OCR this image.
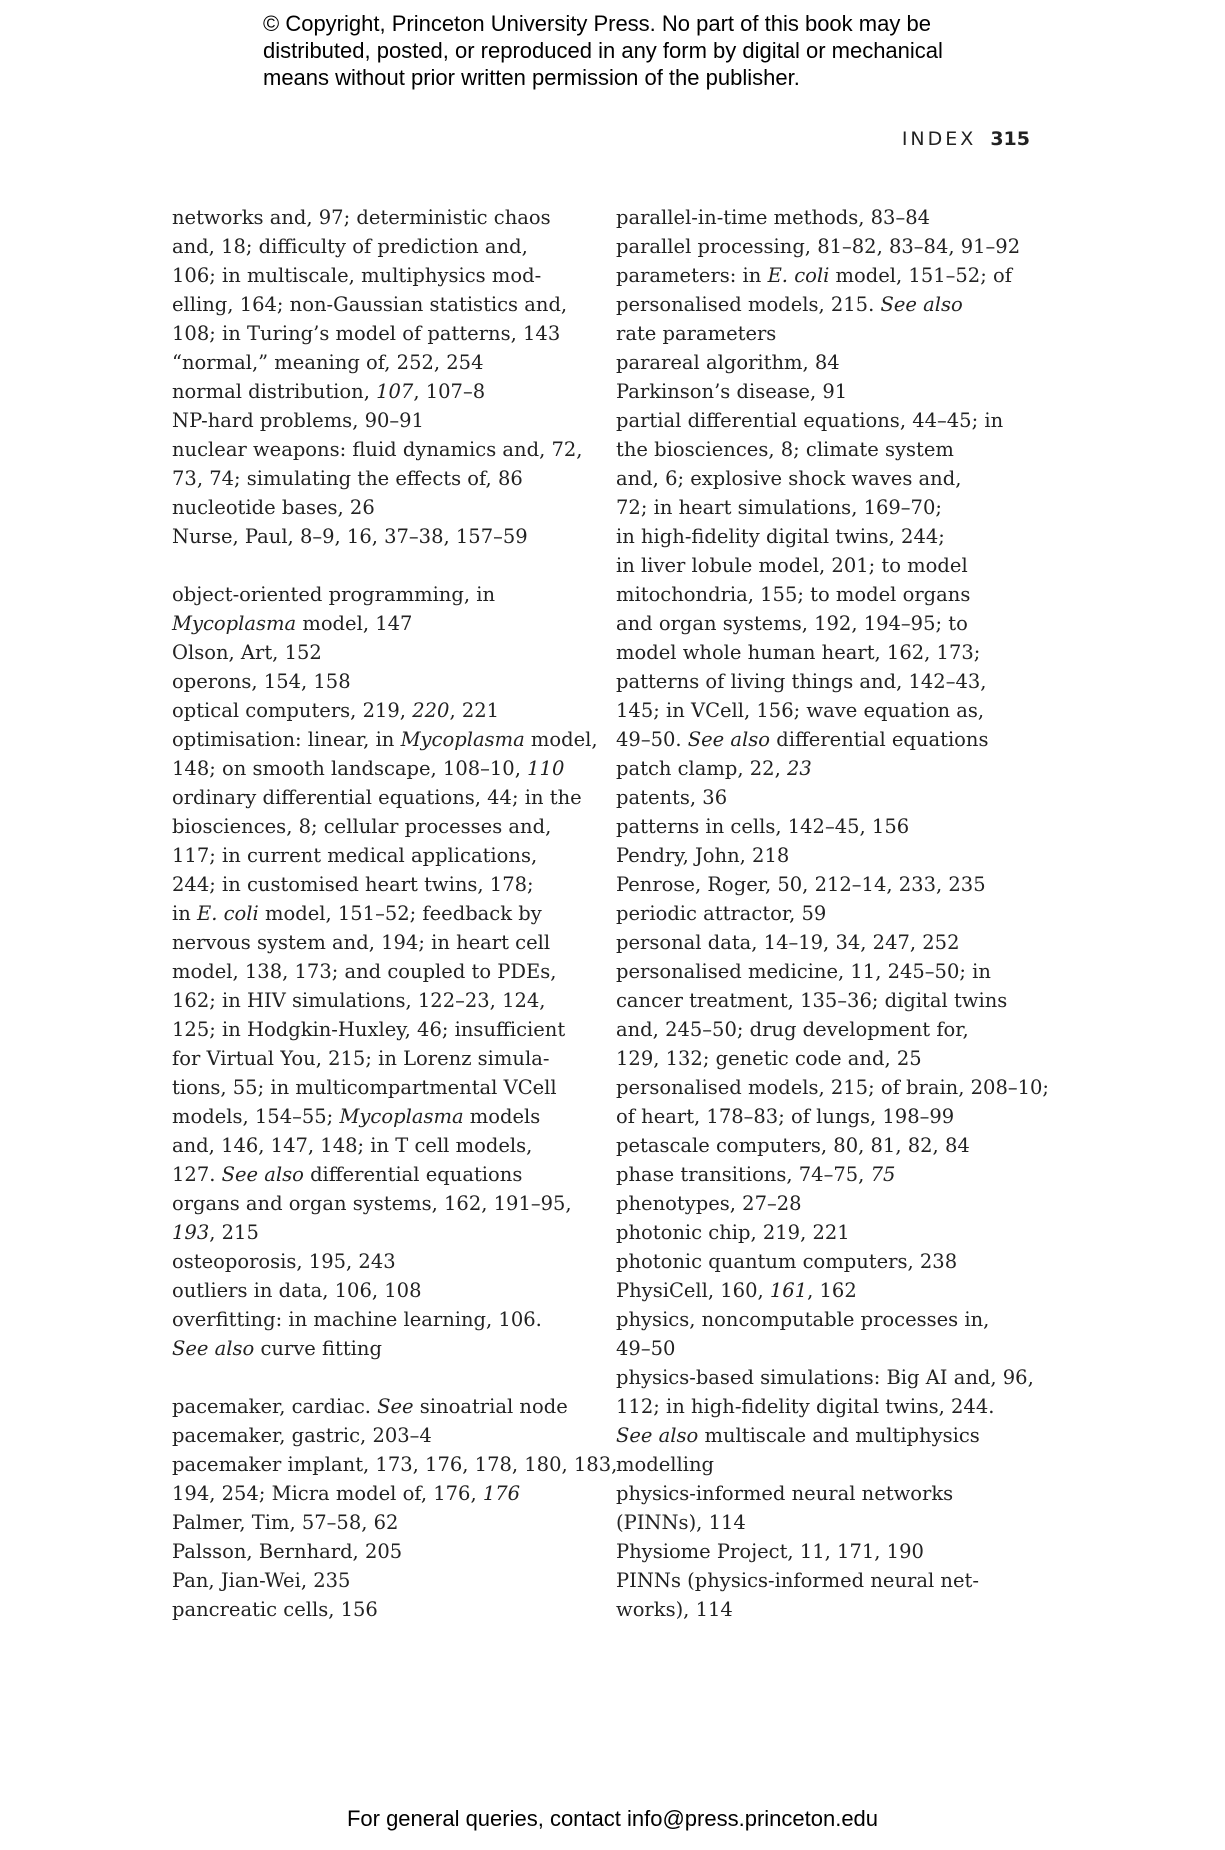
© Copyright, Princeton University Press. No part of this book may be
distributed, posted, or reproduced in any form by digital or mechanical
means without prior written permission of the publisher.
INDEX 315
networks and, 97; deterministic chaos
and, 18; difficulty of prediction and,
106; in multiscale, multiphysics mod-
elling, 164; non-Gaussian statistics and,
108; in Turing’s model of patterns, 143
“normal,” meaning of, 252, 254
normal distribution, 107, 107–8
NP-hard problems, 90–91
nuclear weapons: fluid dynamics and, 72,
73, 74; simulating the effects of, 86
nucleotide bases, 26
Nurse, Paul, 8–9, 16, 37–38, 157–59
object-oriented programming, in
Mycoplasma model, 147
Olson, Art, 152
operons, 154, 158
optical computers, 219, 220, 221
optimisation: linear, in Mycoplasma model,
148; on smooth landscape, 108–10, 110
ordinary differential equations, 44; in the
biosciences, 8; cellular processes and,
117; in current medical applications,
244; in customised heart twins, 178;
in E. coli model, 151–52; feedback by
nervous system and, 194; in heart cell
model, 138, 173; and coupled to PDEs,
162; in HIV simulations, 122–23, 124,
125; in Hodgkin-Huxley, 46; insufficient
for Virtual You, 215; in Lorenz simula-
tions, 55; in multicompartmental VCell
models, 154–55; Mycoplasma models
and, 146, 147, 148; in T cell models,
127. See also differential equations
organs and organ systems, 162, 191–95,
193, 215
osteoporosis, 195, 243
outliers in data, 106, 108
overfitting: in machine learning, 106.
See also curve fitting
pacemaker, cardiac. See sinoatrial node
pacemaker, gastric, 203–4
pacemaker implant, 173, 176, 178, 180, 183,
194, 254; Micra model of, 176, 176
Palmer, Tim, 57–58, 62
Palsson, Bernhard, 205
Pan, Jian-Wei, 235
pancreatic cells, 156
parallel-in-time methods, 83–84
parallel processing, 81–82, 83–84, 91–92
parameters: in E. coli model, 151–52; of
personalised models, 215. See also
rate parameters
parareal algorithm, 84
Parkinson’s disease, 91
partial differential equations, 44–45; in
the biosciences, 8; climate system
and, 6; explosive shock waves and,
72; in heart simulations, 169–70;
in high-fidelity digital twins, 244;
in liver lobule model, 201; to model
mitochondria, 155; to model organs
and organ systems, 192, 194–95; to
model whole human heart, 162, 173;
patterns of living things and, 142–43,
145; in VCell, 156; wave equation as,
49–50. See also differential equations
patch clamp, 22, 23
patents, 36
patterns in cells, 142–45, 156
Pendry, John, 218
Penrose, Roger, 50, 212–14, 233, 235
periodic attractor, 59
personal data, 14–19, 34, 247, 252
personalised medicine, 11, 245–50; in
cancer treatment, 135–36; digital twins
and, 245–50; drug development for,
129, 132; genetic code and, 25
personalised models, 215; of brain, 208–10;
of heart, 178–83; of lungs, 198–99
petascale computers, 80, 81, 82, 84
phase transitions, 74–75, 75
phenotypes, 27–28
photonic chip, 219, 221
photonic quantum computers, 238
PhysiCell, 160, 161, 162
physics, noncomputable processes in,
49–50
physics-based simulations: Big AI and, 96,
112; in high-fidelity digital twins, 244.
See also multiscale and multiphysics
modelling
physics-informed neural networks
(PINNs), 114
Physiome Project, 11, 171, 190
PINNs (physics-informed neural net-
works), 114
For general queries, contact info@press.princeton.edu
